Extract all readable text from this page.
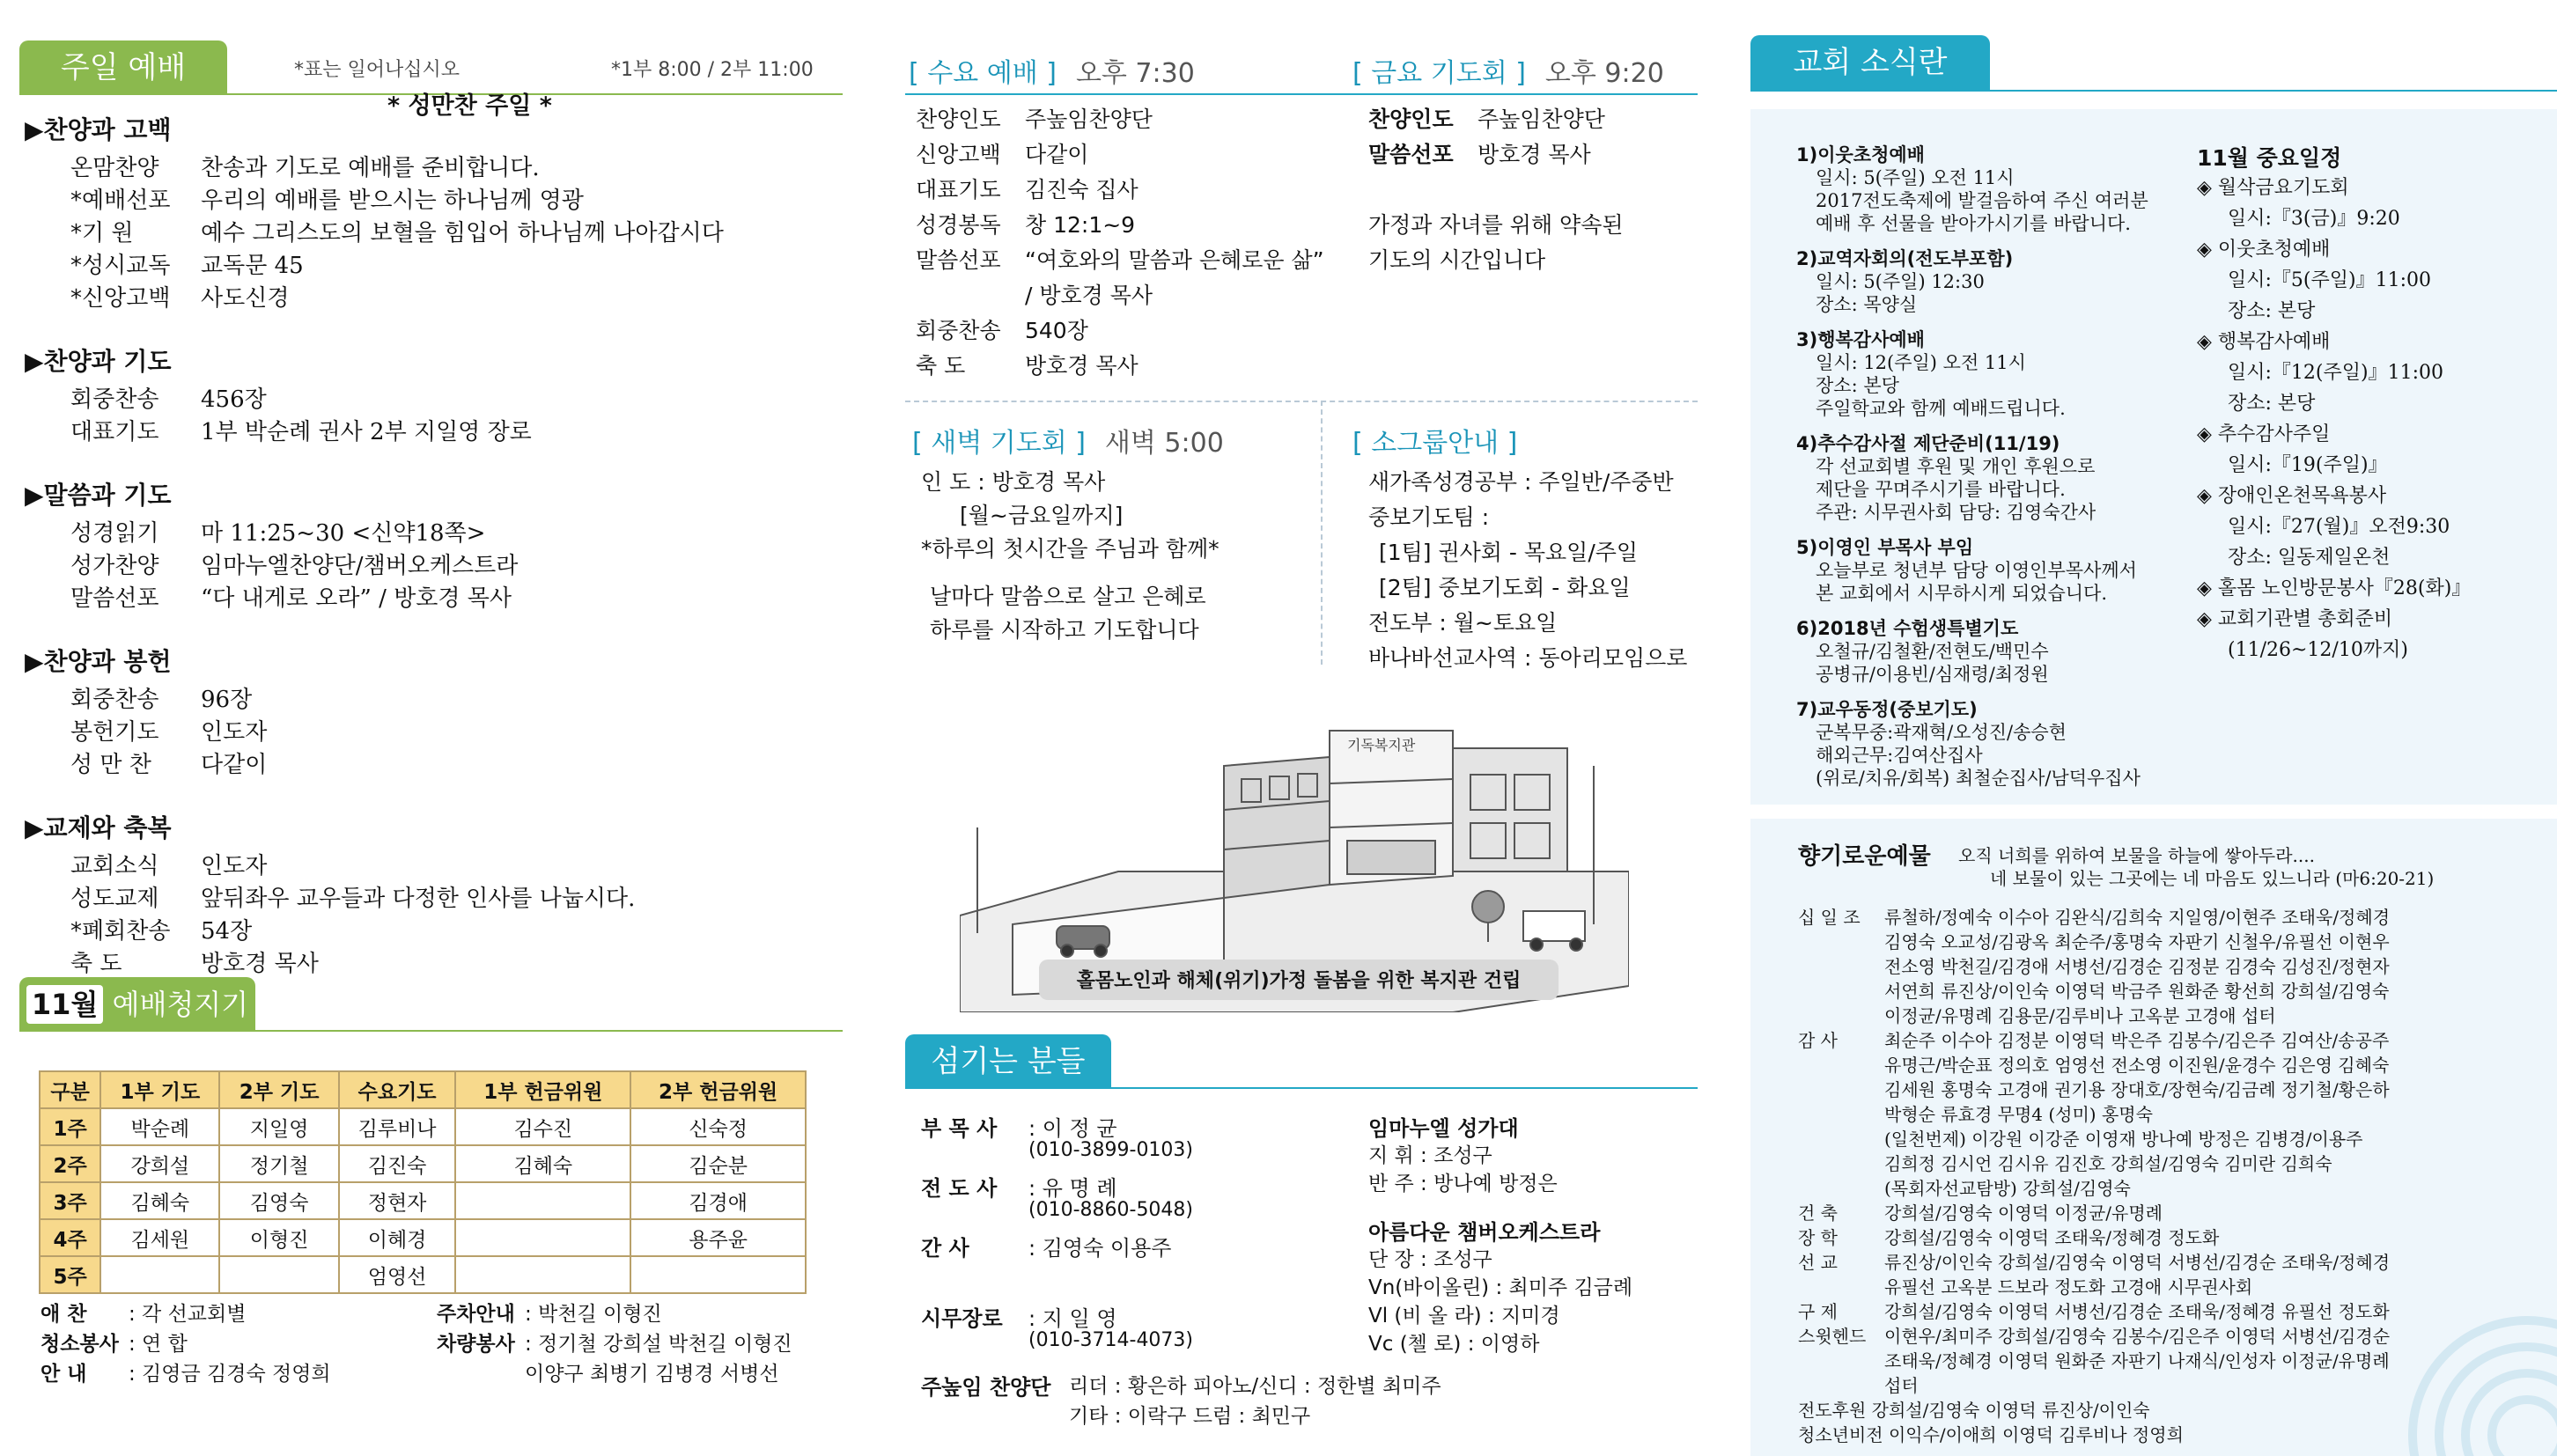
주일 예배	*표는 일어나십시오	*1부 8:00 / 2부 11:00
* 성만찬 주일 *
▶찬양과 고백
온맘찬양 찬송과 기도로 예배를 준비합니다.
*예배선포 우리의 예배를 받으시는 하나님께 영광
*기 원	예수 그리스도의 보혈을 힘입어 하나님께 나아갑시다
*성시교독 교독문 45
*신앙고백 사도신경
▶찬양과 기도
회중찬송 456장
대표기도 1부 박순례 권사 2부 지일영 장로
▶말씀과 기도
성경읽기 마 11:25~30 <신약18쪽>
성가찬양 임마누엘찬양단/챔버오케스트라
말씀선포 “다 내게로 오라” / 방호경 목사
▶찬양과 봉헌
회중찬송 96장
봉헌기도 인도자
성 만 찬 다같이
▶교제와 축복
교회소식 인도자
성도교제 앞뒤좌우 교우들과 다정한 인사를 나눕시다.
*폐회찬송 54장
축 도	방호경 목사
11월 예배청지기
구분	1부 기도	2부 기도	수요기도	1부 헌금위원	2부 헌금위원
1주	박순례	지일영	김루비나	김수진	신숙정
2주	강희설	정기철	김진숙	김혜숙	김순분
3주	김혜숙	김영숙	정현자		김경애
4주	김세원	이형진	이혜경		용주윤
5주			엄영선		
애 찬 : 각 선교회별
청소봉사 : 연 합
안 내 : 김영금 김경숙 정영희
주차안내 : 박천길 이형진
차량봉사 : 정기철 강희설 박천길 이형진
이양구 최병기 김병경 서병선
[ 수요 예배 ] 오후 7:30	[ 금요 기도회 ] 오후 9:20
찬양인도 주높임찬양단
신앙고백 다같이
대표기도 김진숙 집사
성경봉독 창 12:1~9
말씀선포 “여호와의 말씀과 은혜로운 삶”
/ 방호경 목사
회중찬송 540장
축 도	방호경 목사
찬양인도 주높임찬양단
말씀선포 방호경 목사
가정과 자녀를 위해 약속된
기도의 시간입니다
[ 새벽 기도회 ] 새벽 5:00	[ 소그룹안내 ]
인 도 : 방호경 목사
[월~금요일까지]
*하루의 첫시간을 주님과 함께*
날마다 말씀으로 살고 은혜로
하루를 시작하고 기도합니다
새가족성경공부 : 주일반/주중반
중보기도팀 :
[1팀] 권사회 - 목요일/주일
[2팀] 중보기도회 - 화요일
전도부 : 월~토요일
바나바선교사역 : 동아리모임으로
기독복지관
홀몸노인과 해체(위기)가정 돌봄을 위한 복지관 건립
섬기는 분들
부 목 사 : 이 정 균
(010-3899-0103)
전 도 사 : 유 명 례
(010-8860-5048)
간 사	: 김영숙 이용주
시무장로 : 지 일 영
(010-3714-4073)
임마누엘 성가대
지 휘 : 조성구
반 주 : 방나예 방정은
아름다운 챔버오케스트라
단 장 : 조성구
Vn(바이올린) : 최미주 김금례
Vl (비 올 라) : 지미경
Vc (첼 로) : 이영하
주높임 찬양단 리더 : 황은하 피아노/신디 : 정한별 최미주
기타 : 이락구 드럼 : 최민구
교회 소식란
1)이웃초청예배
일시: 5(주일) 오전 11시
2017전도축제에 발걸음하여 주신 여러분
예배 후 선물을 받아가시기를 바랍니다.
2)교역자회의(전도부포함)
일시: 5(주일) 12:30
장소: 목양실
3)행복감사예배
일시: 12(주일) 오전 11시
장소: 본당
주일학교와 함께 예배드립니다.
4)추수감사절 제단준비(11/19)
각 선교회별 후원 및 개인 후원으로
제단을 꾸며주시기를 바랍니다.
주관: 시무권사회 담당: 김영숙간사
5)이영인 부목사 부임
오늘부로 청년부 담당 이영인부목사께서
본 교회에서 시무하시게 되었습니다.
6)2018년 수험생특별기도
오철규/김철환/전현도/백민수
공병규/이용빈/심재령/최정원
7)교우동정(중보기도)
군복무중:곽재혁/오성진/송승현
해외근무:김여산집사
(위로/치유/회복) 최철순집사/남덕우집사
11월 중요일정
◈ 월삭금요기도회
일시:『3(금)』9:20
◈ 이웃초청예배
일시:『5(주일)』11:00
장소: 본당
◈ 행복감사예배
일시:『12(주일)』11:00
장소: 본당
◈ 추수감사주일
일시:『19(주일)』
◈ 장애인온천목욕봉사
일시:『27(월)』오전9:30
장소: 일동제일온천
◈ 홀몸 노인방문봉사『28(화)』
◈ 교회기관별 총회준비
(11/26~12/10까지)
향기로운예물 오직 너희를 위하여 보물을 하늘에 쌓아두라....
네 보물이 있는 그곳에는 네 마음도 있느니라 (마6:20-21)
십 일 조 류철하/정예숙 이수아 김완식/김희숙 지일영/이현주 조태욱/정혜경
김영숙 오교성/김광옥 최순주/홍명숙 자판기 신철우/유필선 이현우
전소영 박천길/김경애 서병선/김경순 김정분 김경숙 김성진/정현자
서연희 류진상/이인숙 이영덕 박금주 원화준 황선희 강희설/김영숙
이정균/유명례 김용문/김루비나 고옥분 고경애 섭터
감 사	최순주 이수아 김정분 이영덕 박은주 김봉수/김은주 김여산/송공주
유명근/박순표 정의호 엄영선 전소영 이진원/윤경수 김은영 김혜숙
김세원 홍명숙 고경애 권기용 장대호/장현숙/김금례 정기철/황은하
박형순 류효경 무명4 (성미) 홍명숙
(일천번제) 이강원 이강준 이영재 방나예 방정은 김병경/이용주
김희정 김시언 김시유 김진호 강희설/김영숙 김미란 김희숙
(목회자선교탐방) 강희설/김영숙
건 축	강희설/김영숙 이영덕 이정균/유명례
장 학	강희설/김영숙 이영덕 조태욱/정혜경 정도화
선 교	류진상/이인숙 강희설/김영숙 이영덕 서병선/김경순 조태욱/정혜경
유필선 고옥분 드보라 정도화 고경애 시무권사회
구 제	강희설/김영숙 이영덕 서병선/김경순 조태욱/정혜경 유필선 정도화
스윗헨드 이현우/최미주 강희설/김영숙 김봉수/김은주 이영덕 서병선/김경순
조태욱/정혜경 이영덕 원화준 자판기 나재식/인성자 이정균/유명례
섭터
전도후원 강희설/김영숙 이영덕 류진상/이인숙
청소년비전 이익수/이애희 이영덕 김루비나 정영희
